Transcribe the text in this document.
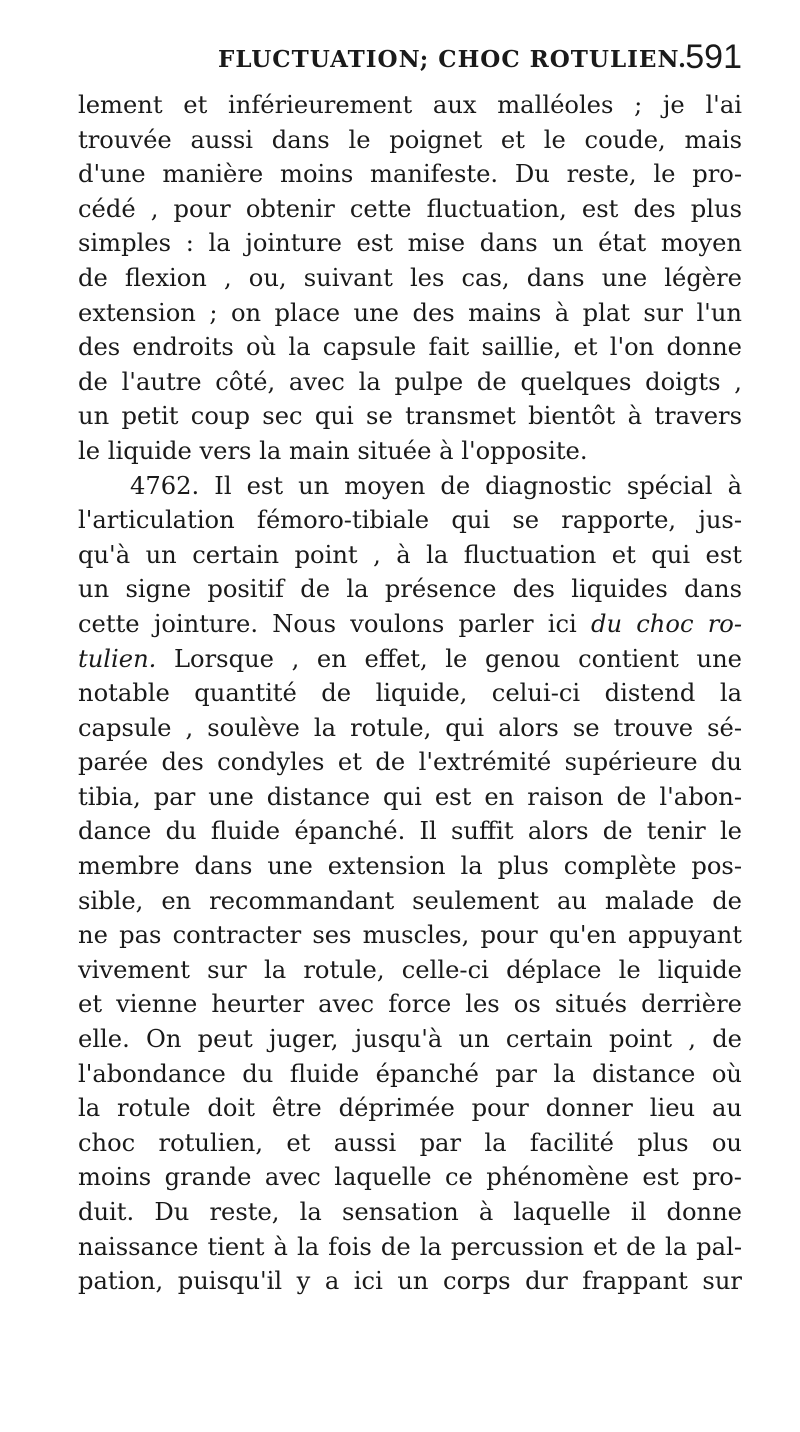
FLUCTUATION; CHOC ROTULIEN.
591
lement et inférieurement aux malléoles ; je l'ai
trouvée aussi dans le poignet et le coude, mais
d'une manière moins manifeste. Du reste, le pro-
cédé , pour obtenir cette fluctuation, est des plus
simples : la jointure est mise dans un état moyen
de flexion , ou, suivant les cas, dans une légère
extension ; on place une des mains à plat sur l'un
des endroits où la capsule fait saillie, et l'on donne
de l'autre côté, avec la pulpe de quelques doigts ,
un petit coup sec qui se transmet bientôt à travers
le liquide vers la main située à l'opposite.
4762. Il est un moyen de diagnostic spécial à
l'articulation fémoro-tibiale qui se rapporte, jus-
qu'à un certain point , à la fluctuation et qui est
un signe positif de la présence des liquides dans
cette jointure. Nous voulons parler ici du choc ro-
tulien. Lorsque , en effet, le genou contient une
notable quantité de liquide, celui-ci distend la
capsule , soulève la rotule, qui alors se trouve sé-
parée des condyles et de l'extrémité supérieure du
tibia, par une distance qui est en raison de l'abon-
dance du fluide épanché. Il suffit alors de tenir le
membre dans une extension la plus complète pos-
sible, en recommandant seulement au malade de
ne pas contracter ses muscles, pour qu'en appuyant
vivement sur la rotule, celle-ci déplace le liquide
et vienne heurter avec force les os situés derrière
elle. On peut juger, jusqu'à un certain point , de
l'abondance du fluide épanché par la distance où
la rotule doit être déprimée pour donner lieu au
choc rotulien, et aussi par la facilité plus ou
moins grande avec laquelle ce phénomène est pro-
duit. Du reste, la sensation à laquelle il donne
naissance tient à la fois de la percussion et de la pal-
pation, puisqu'il y a ici un corps dur frappant sur
